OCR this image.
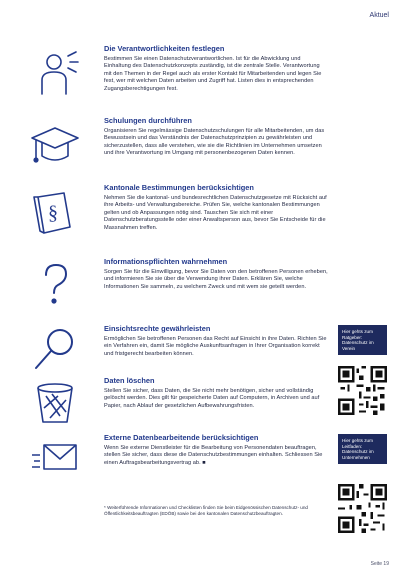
Aktuel

Die Verantwortlichkeiten festlegen

Bestimmen Sie einen Datenschutzverantwortlichen. Ist für die Abwicklung und Einhaltung des Datenschutzkonzepts zuständig, ist die zentrale Stelle. Verantwortung mit den Themen in der Regel auch als erster Kontakt für Mitarbeitenden und legen Sie fest, wer mit welchen Daten arbeiten und Zugriff hat. Listen dies in entsprechenden Zugangsberechtigungen fest.

Schulungen durchführen

Organisieren Sie regelmässige Datenschutzschulungen für alle Mitarbeitenden, um das Bewusstsein und das Verständnis der Datenschutzprinzipien zu gewährleisten und sicherzustellen, dass alle verstehen, wie sie die Richtlinien im Unternehmen umsetzen und ihre Verantwortung im Umgang mit personenbezogenen Daten kennen.

§

Kantonale Bestimmungen berücksichtigen

Nehmen Sie die kantonal- und bundesrechtlichen Datenschutzgesetze mit Rücksicht auf ihre Arbeits- und Verwaltungsbereiche. Prüfen Sie, welche kantonalen Bestimmungen gelten und ob Anpassungen nötig sind. Tauschen Sie sich mit einer Datenschutzberatungsstelle oder einer Anwaltsperson aus, bevor Sie Entscheide für die Massnahmen treffen.

Informationspflichten wahrnehmen

Sorgen Sie für die Einwilligung, bevor Sie Daten von den betroffenen Personen erheben, und informieren Sie sie über die Verwendung ihrer Daten. Erklären Sie, welche Informationen Sie sammeln, zu welchem Zweck und mit wem sie geteilt werden.

Einsichtsrechte gewährleisten

Ermöglichen Sie betroffenen Personen das Recht auf Einsicht in ihre Daten. Richten Sie ein Verfahren ein, damit Sie mögliche Auskunftsanfragen in Ihrer Organisation korrekt und fristgerecht bearbeiten können.

Daten löschen

Stellen Sie sicher, dass Daten, die Sie nicht mehr benötigen, sicher und vollständig gelöscht werden. Dies gilt für gespeicherte Daten auf Computern, in Archiven und auf Papier, nach Ablauf der gesetzlichen Aufbewahrungsfristen.

Externe Datenbearbeitende berücksichtigen

Wenn Sie externe Dienstleister für die Bearbeitung von Personendaten beauftragen, stellen Sie sicher, dass diese die Datenschutzbestimmungen einhalten. Schliessen Sie einen Auftragsbearbeitungsvertrag ab. ■

* Weiterführende Informationen und Checklisten finden Sie beim Eidgenössischen Datenschutz- und Öffentlichkeitsbeauftragten (EDÖB) sowie bei den kantonalen Datenschutzbeauftragten.
Hier gehts zum Ratgeber: Datenschutz im Verein
Hier gehts zum Leitfaden: Datenschutz im Unternehmen
Seite 19
